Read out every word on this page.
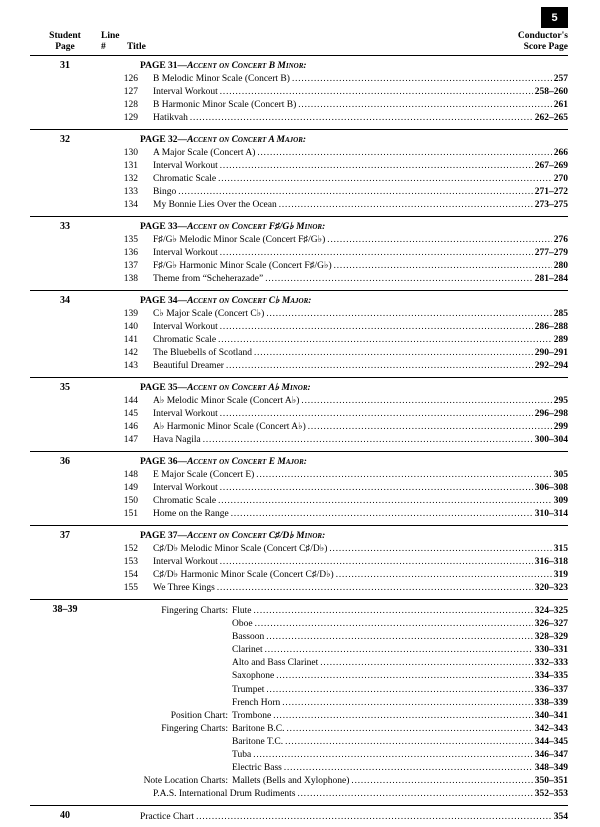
5
Student
Page
Line
#	Title
Conductor's
Score Page
31	PAGE 31— Accent on Concert B Minor:
126 B Melodic Minor Scale (Concert B) .....	257
127 Interval Workout .....	258–260
128 B Harmonic Minor Scale (Concert B) .....	261
129 Hatikvah .....	262–265
32	PAGE 32— Accent on Concert A Major:
130 A Major Scale (Concert A) .....	266
131 Interval Workout .....	267–269
132 Chromatic Scale .....	270
133 Bingo .....	271–272
134 My Bonnie Lies Over the Ocean .....	273–275
33	PAGE 33— Accent on Concert F♯/G♭ Minor:
135 F♯/G♭ Melodic Minor Scale (Concert F♯/G♭) .....	276
136 Interval Workout .....	277–279
137 F♯/G♭ Harmonic Minor Scale (Concert F♯/G♭) .....	280
138 Theme from “Scheherazade” .....	281–284
34	PAGE 34— Accent on Concert C♭ Major:
139 C♭ Major Scale (Concert C♭) .....	285
140 Interval Workout .....	286–288
141 Chromatic Scale .....	289
142 The Bluebells of Scotland .....	290–291
143 Beautiful Dreamer .....	292–294
35	PAGE 35— Accent on Concert A♭ Minor:
144 A♭ Melodic Minor Scale (Concert A♭) .....	295
145 Interval Workout .....	296–298
146 A♭ Harmonic Minor Scale (Concert A♭) .....	299
147 Hava Nagila .....	300–304
36	PAGE 36— Accent on Concert E Major:
148 E Major Scale (Concert E) .....	305
149 Interval Workout .....	306–308
150 Chromatic Scale .....	309
151 Home on the Range .....	310–314
37	PAGE 37— Accent on Concert C♯/D♭ Minor:
152 C♯/D♭ Melodic Minor Scale (Concert C♯/D♭) .....	315
153 Interval Workout .....	316–318
154 C♯/D♭ Harmonic Minor Scale (Concert C♯/D♭) .....	319
155 We Three Kings .....	320–323
38–39	Fingering Charts: Flute .....	324–325
Oboe .....	326–327
Bassoon .....	328–329
Clarinet .....	330–331
Alto and Bass Clarinet .....	332–333
Saxophone .....	334–335
Trumpet .....	336–337
French Horn .....	338–339
Position Chart: Trombone .....	340–341
Fingering Charts: Baritone B.C. .....	342–343
Baritone T.C. .....	344–345
Tuba .....	346–347
Electric Bass .....	348–349
Note Location Charts: Mallets (Bells and Xylophone) .....	350–351
P.A.S. International Drum Rudiments .....	352–353
40	Practice Chart .....	354
